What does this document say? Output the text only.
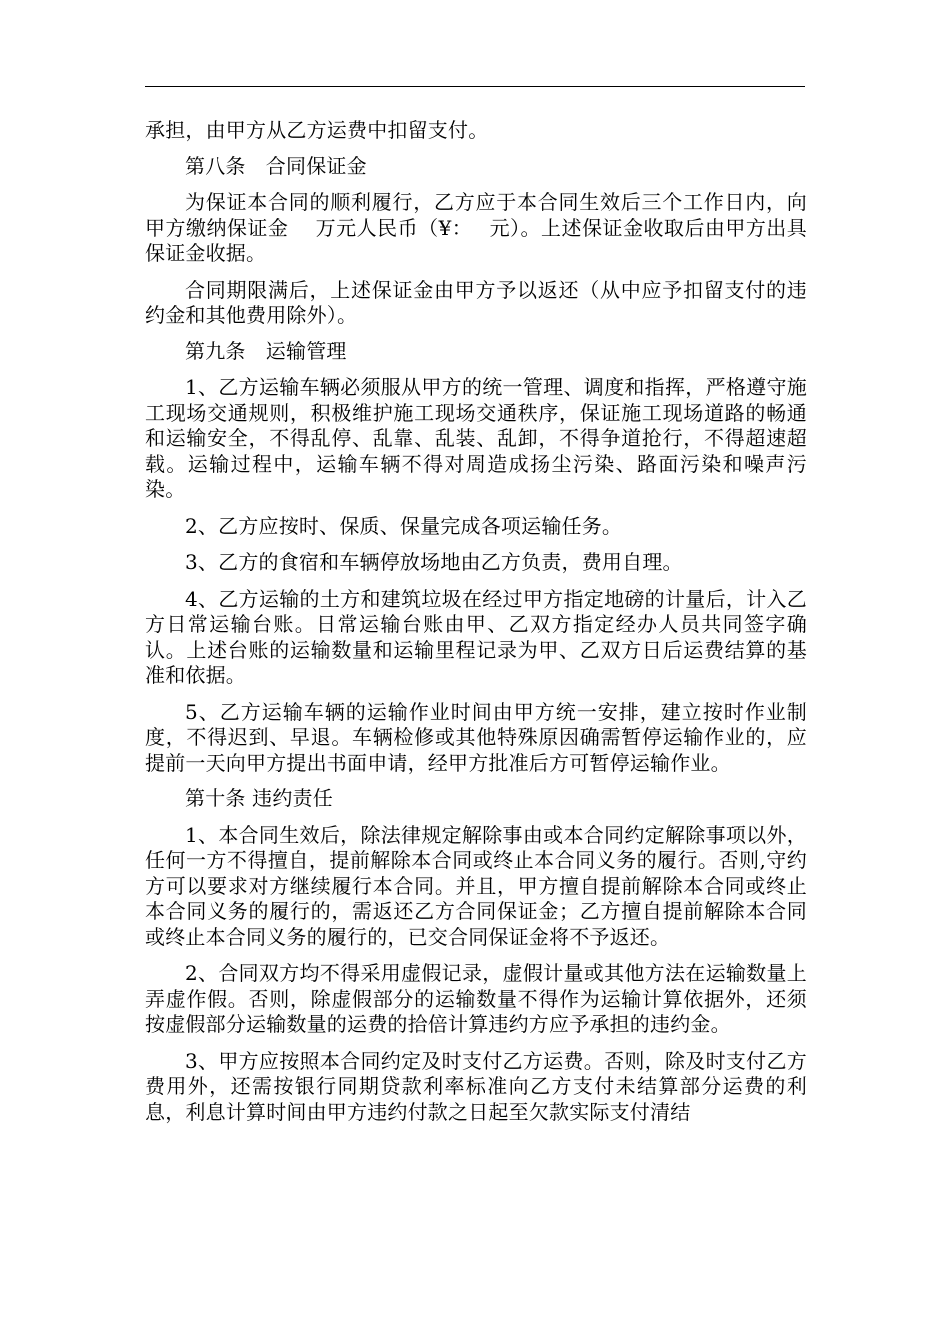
承担，由甲方从乙方运费中扣留支付。

第八条　合同保证金

为保证本合同的顺利履行，乙方应于本合同生效后三个工作日内，向甲方缴纳保证金　 万元人民币（¥：　 元）。上述保证金收取后由甲方出具保证金收据。

合同期限满后，上述保证金由甲方予以返还（从中应予扣留支付的违约金和其他费用除外）。

第九条　运输管理

1、乙方运输车辆必须服从甲方的统一管理、调度和指挥，严格遵守施工现场交通规则，积极维护施工现场交通秩序，保证施工现场道路的畅通和运输安全，不得乱停、乱靠、乱装、乱卸，不得争道抢行，不得超速超载。运输过程中，运输车辆不得对周造成扬尘污染、路面污染和噪声污染。

2、乙方应按时、保质、保量完成各项运输任务。

3、乙方的食宿和车辆停放场地由乙方负责，费用自理。

4、乙方运输的土方和建筑垃圾在经过甲方指定地磅的计量后，计入乙方日常运输台账。日常运输台账由甲、乙双方指定经办人员共同签字确认。上述台账的运输数量和运输里程记录为甲、乙双方日后运费结算的基准和依据。

5、乙方运输车辆的运输作业时间由甲方统一安排，建立按时作业制度，不得迟到、早退。车辆检修或其他特殊原因确需暂停运输作业的，应提前一天向甲方提出书面申请，经甲方批准后方可暂停运输作业。

第十条 违约责任

1、本合同生效后，除法律规定解除事由或本合同约定解除事项以外，任何一方不得擅自，提前解除本合同或终止本合同义务的履行。否则,守约方可以要求对方继续履行本合同。并且，甲方擅自提前解除本合同或终止本合同义务的履行的，需返还乙方合同保证金；乙方擅自提前解除本合同或终止本合同义务的履行的，已交合同保证金将不予返还。

2、合同双方均不得采用虚假记录，虚假计量或其他方法在运输数量上弄虚作假。否则，除虚假部分的运输数量不得作为运输计算依据外，还须按虚假部分运输数量的运费的拾倍计算违约方应予承担的违约金。

3、甲方应按照本合同约定及时支付乙方运费。否则，除及时支付乙方费用外，还需按银行同期贷款利率标准向乙方支付未结算部分运费的利息，利息计算时间由甲方违约付款之日起至欠款实际支付清结
